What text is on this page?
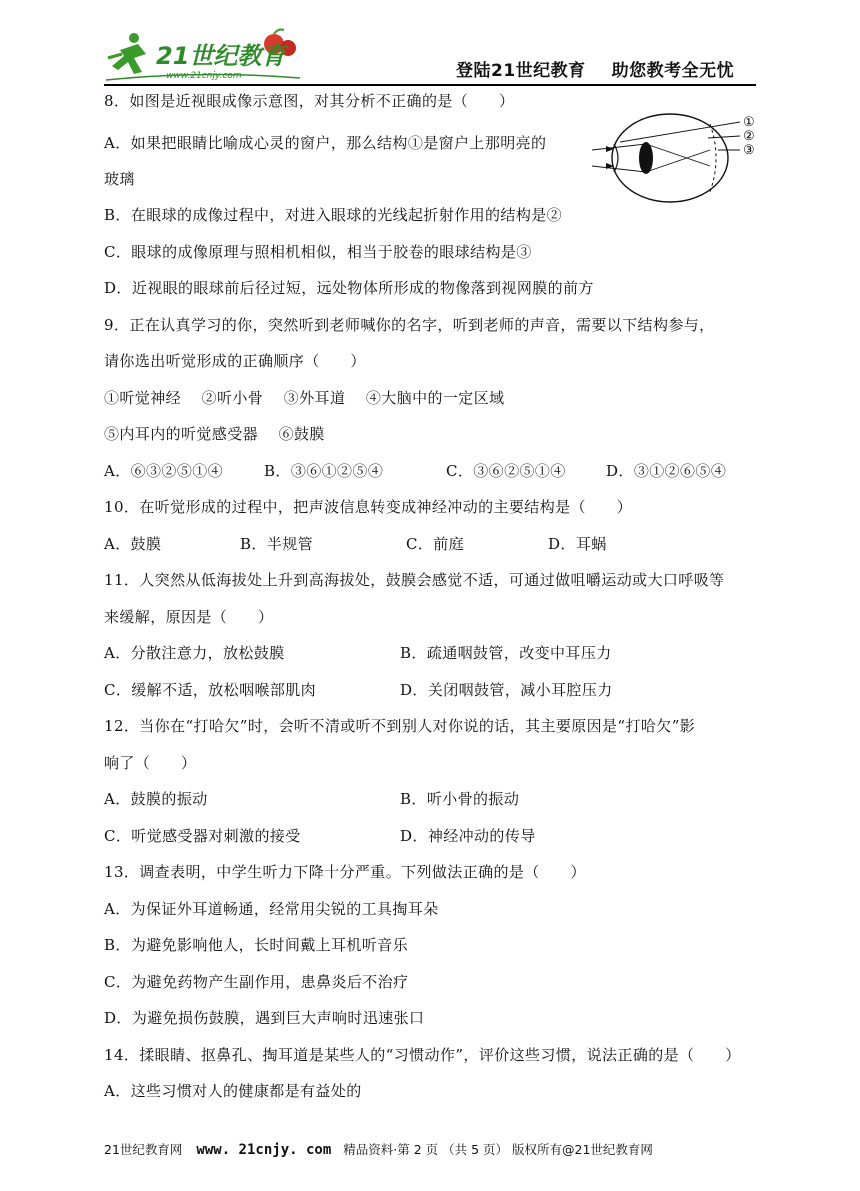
21世纪教育
www.21cnjy.com	登陆21世纪教育 助您教考全无忧
8．如图是近视眼成像示意图，对其分析不正确的是（　　）
A．如果把眼睛比喻成心灵的窗户，那么结构①是窗户上那明亮的
玻璃
B．在眼球的成像过程中，对进入眼球的光线起折射作用的结构是②
C．眼球的成像原理与照相机相似，相当于胶卷的眼球结构是③
D．近视眼的眼球前后径过短，远处物体所形成的物像落到视网膜的前方
9．正在认真学习的你，突然听到老师喊你的名字，听到老师的声音，需要以下结构参与，
请你选出听觉形成的正确顺序（　　）
①听觉神经　 ②听小骨　 ③外耳道　 ④大脑中的一定区域
⑤内耳内的听觉感受器　 ⑥鼓膜
A．⑥③②⑤①④	B．③⑥①②⑤④	C．③⑥②⑤①④	D．③①②⑥⑤④
10．在听觉形成的过程中，把声波信息转变成神经冲动的主要结构是（　　）
A．鼓膜	B．半规管	C．前庭	D．耳蜗
11．人突然从低海拔处上升到高海拔处，鼓膜会感觉不适，可通过做咀嚼运动或大口呼吸等
来缓解，原因是（　　）
A．分散注意力，放松鼓膜	B．疏通咽鼓管，改变中耳压力
C．缓解不适，放松咽喉部肌肉	D．关闭咽鼓管，减小耳腔压力
12．当你在“打哈欠”时，会听不清或听不到别人对你说的话，其主要原因是“打哈欠”影
响了（　　）
A．鼓膜的振动	B．听小骨的振动
C．听觉感受器对刺激的接受	D．神经冲动的传导
13．调查表明，中学生听力下降十分严重。下列做法正确的是（　　）
A．为保证外耳道畅通，经常用尖锐的工具掏耳朵
B．为避免影响他人，长时间戴上耳机听音乐
C．为避免药物产生副作用，患鼻炎后不治疗
D．为避免损伤鼓膜，遇到巨大声响时迅速张口
14．揉眼睛、抠鼻孔、掏耳道是某些人的“习惯动作”，评价这些习惯，说法正确的是（　　）
A．这些习惯对人的健康都是有益处的
①
②
③
21世纪教育网 www. 21cnjy. com 精品资料·第 2 页 （共 5 页） 版权所有@21世纪教育网
